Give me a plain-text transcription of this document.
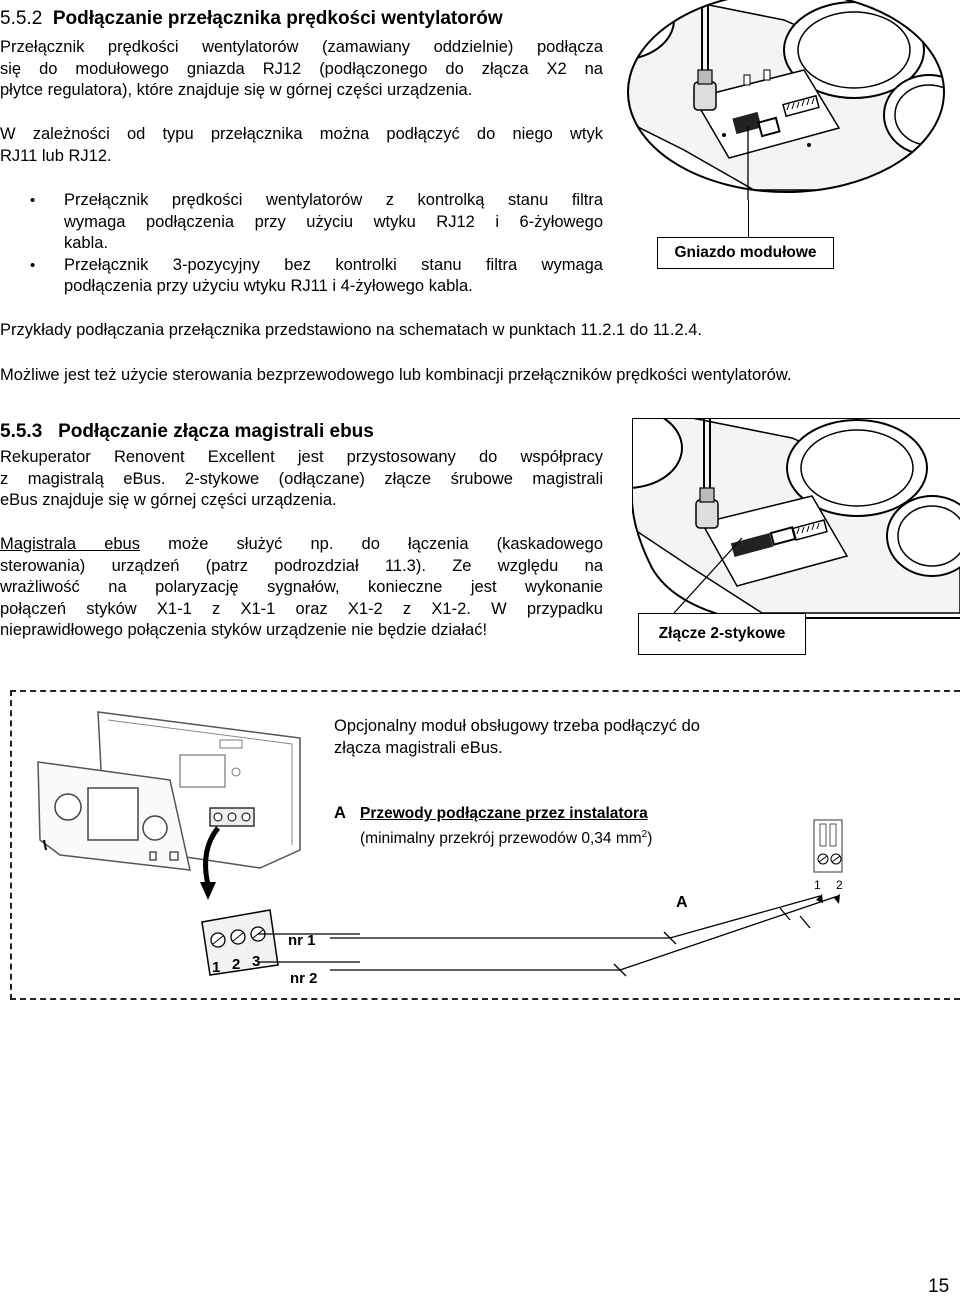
5.5.2 Podłączanie przełącznika prędkości wentylatorów
Przełącznik prędkości wentylatorów (zamawiany oddzielnie) podłącza
się do modułowego gniazda RJ12 (podłączonego do złącza X2 na
płytce regulatora), które znajduje się w górnej części urządzenia.
W zależności od typu przełącznika można podłączyć do niego wtyk
RJ11 lub RJ12.
• Przełącznik prędkości wentylatorów z kontrolką stanu filtra
wymaga podłączenia przy użyciu wtyku RJ12 i 6-żyłowego
kabla.
• Przełącznik 3-pozycyjny bez kontrolki stanu filtra wymaga
podłączenia przy użyciu wtyku RJ11 i 4-żyłowego kabla.
Gniazdo modułowe
Przykłady podłączania przełącznika przedstawiono na schematach w punktach 11.2.1 do 11.2.4.
Możliwe jest też użycie sterowania bezprzewodowego lub kombinacji przełączników prędkości wentylatorów.
5.5.3 Podłączanie złącza magistrali ebus
Rekuperator Renovent Excellent jest przystosowany do współpracy
z magistralą eBus. 2-stykowe (odłączane) złącze śrubowe magistrali
eBus znajduje się w górnej części urządzenia.
Magistrala ebus może służyć np. do łączenia (kaskadowego
sterowania) urządzeń (patrz podrozdział 11.3). Ze względu na
wrażliwość na polaryzację sygnałów, konieczne jest wykonanie
połączeń styków X1-1 z X1-1 oraz X1-2 z X1-2. W przypadku
nieprawidłowego połączenia styków urządzenie nie będzie działać!	Złącze 2-stykowe
Opcjonalny moduł obsługowy trzeba podłączyć do
złącza magistrali eBus.
A Przewody podłączane przez instalatora
(minimalny przekrój przewodów 0,34 $mm^2$)
1 2 3
nr 1
nr 2
1 2
A
15
